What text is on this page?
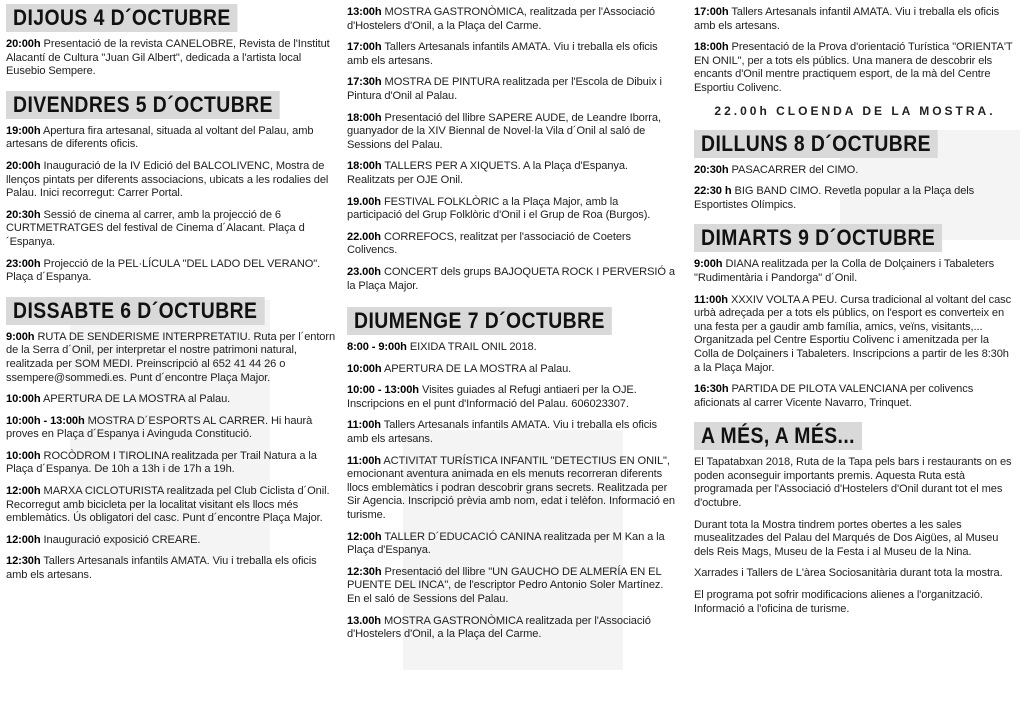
DIJOUS 4 D´OCTUBRE

20:00h Presentació de la revista CANELOBRE, Revista de l'Institut Alacantí de Cultura "Juan Gil Albert", dedicada a l'artista local Eusebio Sempere.

DIVENDRES 5 D´OCTUBRE

19:00h Apertura fira artesanal, situada al voltant del Palau, amb artesans de diferents oficis.

20:00h Inauguració de la IV Edició del BALCOLIVENC, Mostra de llenços pintats per diferents associacions, ubicats a les rodalies del Palau. Inici recorregut: Carrer Portal.

20:30h Sessió de cinema al carrer, amb la projecció de 6 CURTMETRATGES del festival de Cinema d´Alacant. Plaça d´Espanya.

23:00h Projecció de la PEL·LÍCULA "DEL LADO DEL VERANO". Plaça d´Espanya.

DISSABTE 6 D´OCTUBRE

9:00h RUTA DE SENDERISME INTERPRETATIU. Ruta per l´entorn de la Serra d´Onil, per interpretar el nostre patrimoni natural, realitzada per SOM MEDI. Preinscripció al 652 41 44 26 o ssempere@sommedi.es. Punt d´encontre Plaça Major.

10:00h APERTURA DE LA MOSTRA al Palau.

10:00h - 13:00h MOSTRA D´ESPORTS AL CARRER. Hi haurà proves en Plaça d´Espanya i Avinguda Constitució.

10:00h ROCÒDROM I TIROLINA realitzada per Trail Natura a la Plaça d´Espanya. De 10h a 13h i de 17h a 19h.

12:00h MARXA CICLOTURISTA realitzada pel Club Ciclista d´Onil. Recorregut amb bicicleta per la localitat visitant els llocs més emblemàtics. Ús obligatori del casc. Punt d´encontre Plaça Major.

12:00h Inauguració exposició CREARE.

12:30h Tallers Artesanals infantils AMATA. Viu i treballa els oficis amb els artesans.

13:00h MOSTRA GASTRONÒMICA, realitzada per l'Associació d'Hostelers d'Onil, a la Plaça del Carme.

17:00h Tallers Artesanals infantils AMATA. Viu i treballa els oficis amb els artesans.

17:30h MOSTRA DE PINTURA realitzada per l'Escola de Dibuix i Pintura d'Onil al Palau.

18:00h Presentació del llibre SAPERE AUDE, de Leandre Iborra, guanyador de la XIV Biennal de Novel·la Vila d´Onil al saló de Sessions del Palau.

18:00h TALLERS PER A XIQUETS. A la Plaça d'Espanya. Realitzats per OJE Onil.

19.00h FESTIVAL FOLKLÒRIC a la Plaça Major, amb la participació del Grup Folklòric d'Onil i el Grup de Roa (Burgos).

22.00h CORREFOCS, realitzat per l'associació de Coeters Colivencs.

23.00h CONCERT dels grups BAJOQUETA ROCK I PERVERSIÓ a la Plaça Major.

DIUMENGE 7 D´OCTUBRE

8:00 - 9:00h EIXIDA TRAIL ONIL 2018.

10:00h APERTURA DE LA MOSTRA al Palau.

10:00 - 13:00h Visites guiades al Refugi antiaeri per la OJE. Inscripcions en el punt d'Informació del Palau. 606023307.

11:00h Tallers Artesanals infantils AMATA. Viu i treballa els oficis amb els artesans.

11:00h ACTIVITAT TURÍSTICA INFANTIL "DETECTIUS EN ONIL", emocionant aventura animada en els menuts recorreran diferents llocs emblemàtics i podran descobrir grans secrets. Realitzada per Sir Agencia. Inscripció prèvia amb nom, edat i telèfon. Informació en turisme.

12:00h TALLER D´EDUCACIÓ CANINA realitzada per M Kan a la Plaça d'Espanya.

12:30h Presentació del llibre "UN GAUCHO DE ALMERÍA EN EL PUENTE DEL INCA", de l'escriptor Pedro Antonio Soler Martínez. En el saló de Sessions del Palau.

13.00h MOSTRA GASTRONÒMICA realitzada per l'Associació d'Hostelers d'Onil, a la Plaça del Carme.

17:00h Tallers Artesanals infantil AMATA. Viu i treballa els oficis amb els artesans.

18:00h Presentació de la Prova d'orientació Turística "ORIENTA'T EN ONIL", per a tots els públics. Una manera de descobrir els encants d'Onil mentre practiquem esport, de la mà del Centre Esportiu Colivenc.

22.00h CLOENDA DE LA MOSTRA.
DILLUNS 8 D´OCTUBRE

20:30h PASACARRER del CIMO.

22:30 h BIG BAND CIMO. Revetla popular a la Plaça dels Esportistes Olímpics.

DIMARTS 9 D´OCTUBRE

9:00h DIANA realitzada per la Colla de Dolçainers i Tabaleters "Rudimentària i Pandorga" d´Onil.

11:00h XXXIV VOLTA A PEU. Cursa tradicional al voltant del casc urbà adreçada per a tots els públics, on l'esport es converteix en una festa per a gaudir amb família, amics, veïns, visitants,... Organitzada pel Centre Esportiu Colivenc i amenitzada per la Colla de Dolçainers i Tabaleters. Inscripcions a partir de les 8:30h a la Plaça Major.

16:30h PARTIDA DE PILOTA VALENCIANA per colivencs aficionats al carrer Vicente Navarro, Trinquet.

A MÉS, A MÉS...

El Tapatabxan 2018, Ruta de la Tapa pels bars i restaurants on es poden aconseguir importants premis. Aquesta Ruta està programada per l'Associació d'Hostelers d'Onil durant tot el mes d'octubre.

Durant tota la Mostra tindrem portes obertes a les sales musealitzades del Palau del Marqués de Dos Aigües, al Museu dels Reis Mags, Museu de la Festa i al Museu de la Nina.

Xarrades i Tallers de L'àrea Sociosanitària durant tota la mostra.

El programa pot sofrir modificacions alienes a l'organització. Informació a l'oficina de turisme.
